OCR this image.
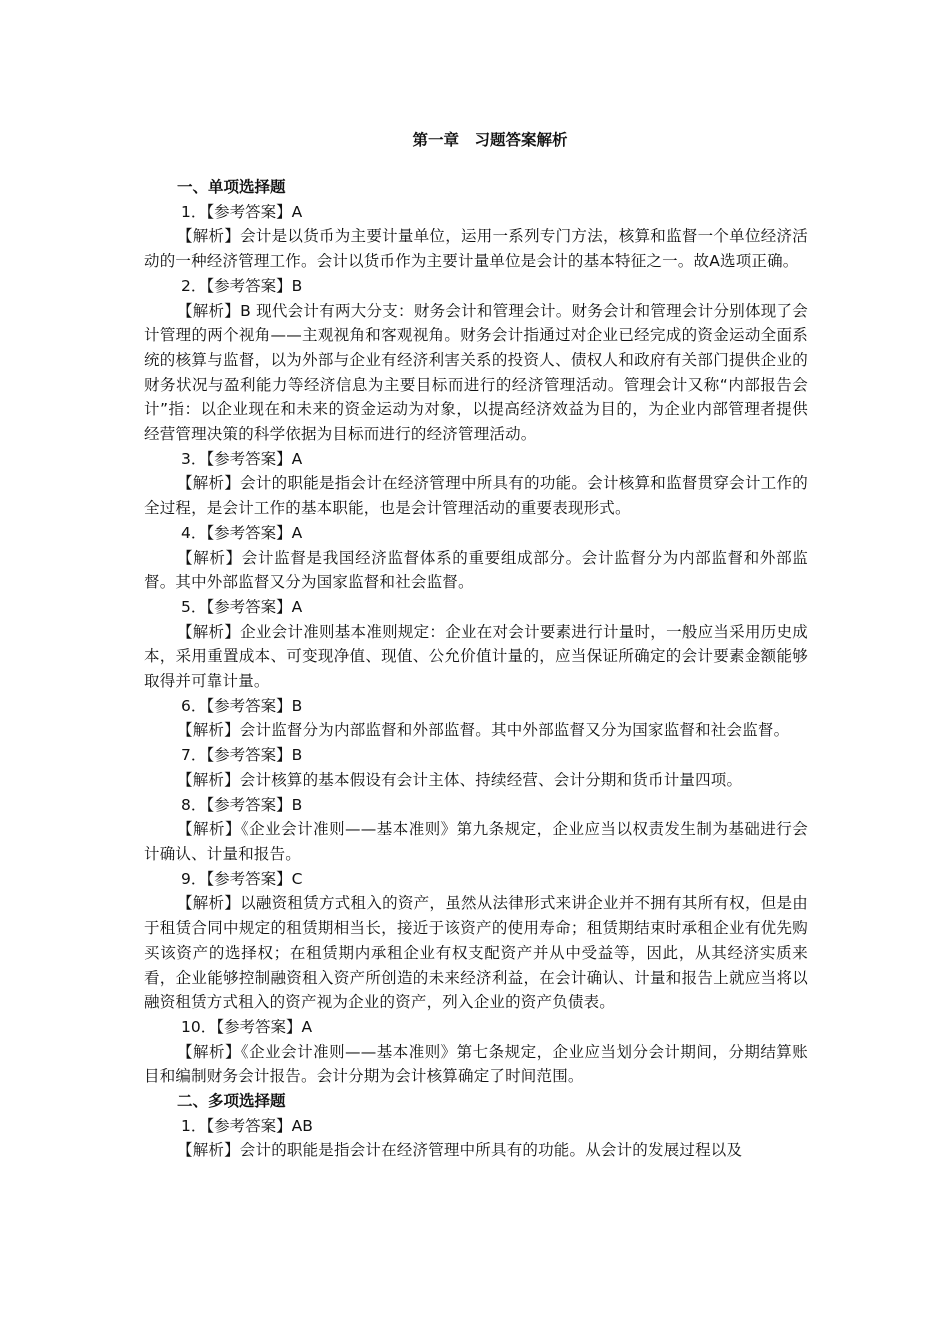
第一章　习题答案解析
一、单项选择题
1．【参考答案】A
【解析】会计是以货币为主要计量单位，运用一系列专门方法，核算和监督一个单位经济活动的一种经济管理工作。会计以货币作为主要计量单位是会计的基本特征之一。故A选项正确。
2．【参考答案】B
【解析】B 现代会计有两大分支：财务会计和管理会计。财务会计和管理会计分别体现了会计管理的两个视角——主观视角和客观视角。财务会计指通过对企业已经完成的资金运动全面系统的核算与监督，以为外部与企业有经济利害关系的投资人、债权人和政府有关部门提供企业的财务状况与盈利能力等经济信息为主要目标而进行的经济管理活动。管理会计又称“内部报告会计”指：以企业现在和未来的资金运动为对象，以提高经济效益为目的，为企业内部管理者提供经营管理决策的科学依据为目标而进行的经济管理活动。
3．【参考答案】A
【解析】会计的职能是指会计在经济管理中所具有的功能。会计核算和监督贯穿会计工作的全过程，是会计工作的基本职能，也是会计管理活动的重要表现形式。
4．【参考答案】A
【解析】会计监督是我国经济监督体系的重要组成部分。会计监督分为内部监督和外部监督。其中外部监督又分为国家监督和社会监督。
5．【参考答案】A
【解析】企业会计准则基本准则规定：企业在对会计要素进行计量时，一般应当采用历史成本，采用重置成本、可变现净值、现值、公允价值计量的，应当保证所确定的会计要素金额能够取得并可靠计量。
6．【参考答案】B
【解析】会计监督分为内部监督和外部监督。其中外部监督又分为国家监督和社会监督。
7．【参考答案】B
【解析】会计核算的基本假设有会计主体、持续经营、会计分期和货币计量四项。
8．【参考答案】B
【解析】《企业会计准则——基本准则》第九条规定，企业应当以权责发生制为基础进行会计确认、计量和报告。
9．【参考答案】C
【解析】以融资租赁方式租入的资产，虽然从法律形式来讲企业并不拥有其所有权，但是由于租赁合同中规定的租赁期相当长，接近于该资产的使用寿命；租赁期结束时承租企业有优先购买该资产的选择权；在租赁期内承租企业有权支配资产并从中受益等，因此，从其经济实质来看，企业能够控制融资租入资产所创造的未来经济利益，在会计确认、计量和报告上就应当将以融资租赁方式租入的资产视为企业的资产，列入企业的资产负债表。
10．【参考答案】A
【解析】《企业会计准则——基本准则》第七条规定，企业应当划分会计期间，分期结算账目和编制财务会计报告。会计分期为会计核算确定了时间范围。
二、多项选择题
1．【参考答案】AB
【解析】会计的职能是指会计在经济管理中所具有的功能。从会计的发展过程以及
